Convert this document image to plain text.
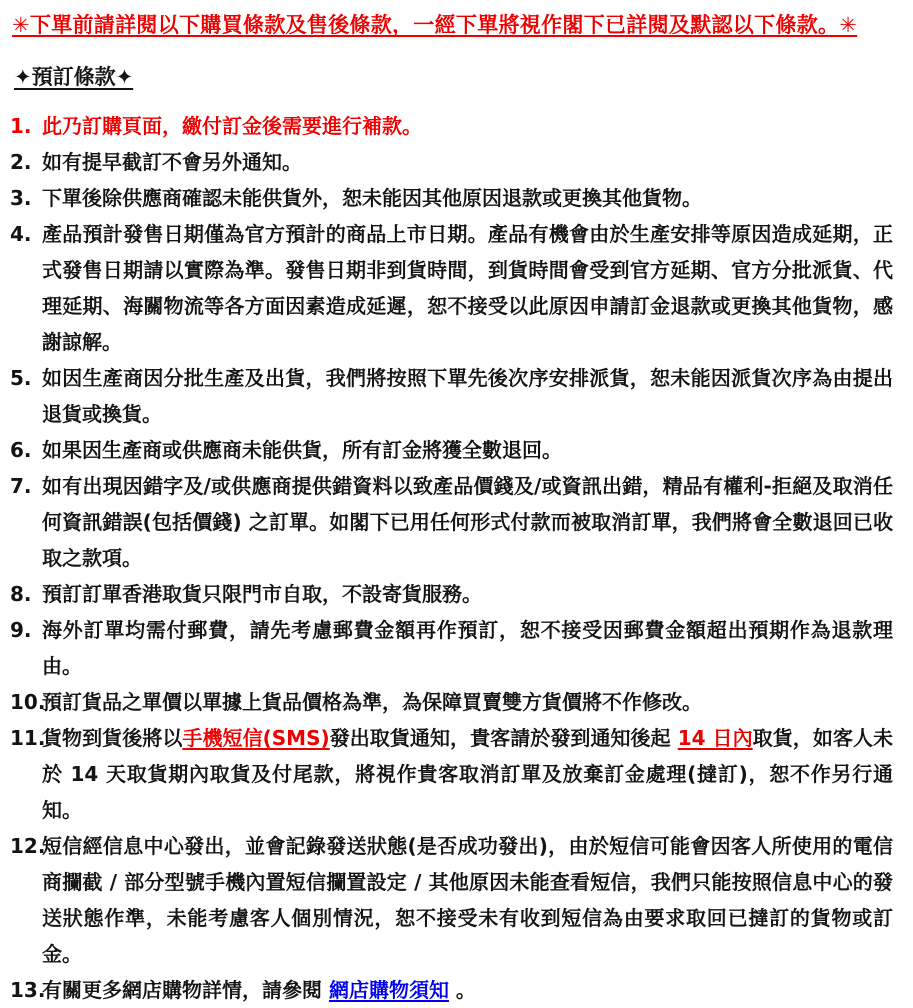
✳下單前請詳閱以下購買條款及售後條款，一經下單將視作閣下已詳閱及默認以下條款。✳
✦預訂條款✦
1. 此乃訂購頁面，繳付訂金後需要進行補款。
2. 如有提早截訂不會另外通知。
3. 下單後除供應商確認未能供貨外，恕未能因其他原因退款或更換其他貨物。
4. 產品預計發售日期僅為官方預計的商品上市日期。產品有機會由於生產安排等原因造成延期，正式發售日期請以實際為準。發售日期非到貨時間，到貨時間會受到官方延期、官方分批派貨、代理延期、海關物流等各方面因素造成延遲，恕不接受以此原因申請訂金退款或更換其他貨物，感謝諒解。
5. 如因生產商因分批生產及出貨，我們將按照下單先後次序安排派貨，恕未能因派貨次序為由提出退貨或換貨。
6. 如果因生產商或供應商未能供貨，所有訂金將獲全數退回。
7. 如有出現因錯字及/或供應商提供錯資料以致產品價錢及/或資訊出錯，精品有權利-拒絕及取消任何資訊錯誤(包括價錢) 之訂單。如閣下已用任何形式付款而被取消訂單，我們將會全數退回已收取之款項。
8. 預訂訂單香港取貨只限門市自取，不設寄貨服務。
9. 海外訂單均需付郵費，請先考慮郵費金額再作預訂，恕不接受因郵費金額超出預期作為退款理由。
10.
預訂貨品之單價以單據上貨品價格為準，為保障買賣雙方貨價將不作修改。
11.
貨物到貨後將以手機短信(SMS)發出取貨通知，貴客請於發到通知後起 14 日內取貨，如客人未於 14 天取貨期內取貨及付尾款，將視作貴客取消訂單及放棄訂金處理(撻訂)，恕不作另行通知。
12.
短信經信息中心發出，並會記錄發送狀態(是否成功發出)，由於短信可能會因客人所使用的電信商攔截 / 部分型號手機內置短信攔置設定 / 其他原因未能查看短信，我們只能按照信息中心的發送狀態作準，未能考慮客人個別情況，恕不接受未有收到短信為由要求取回已撻訂的貨物或訂金。
13.
有關更多網店購物詳情，請參閱 網店購物須知 。
